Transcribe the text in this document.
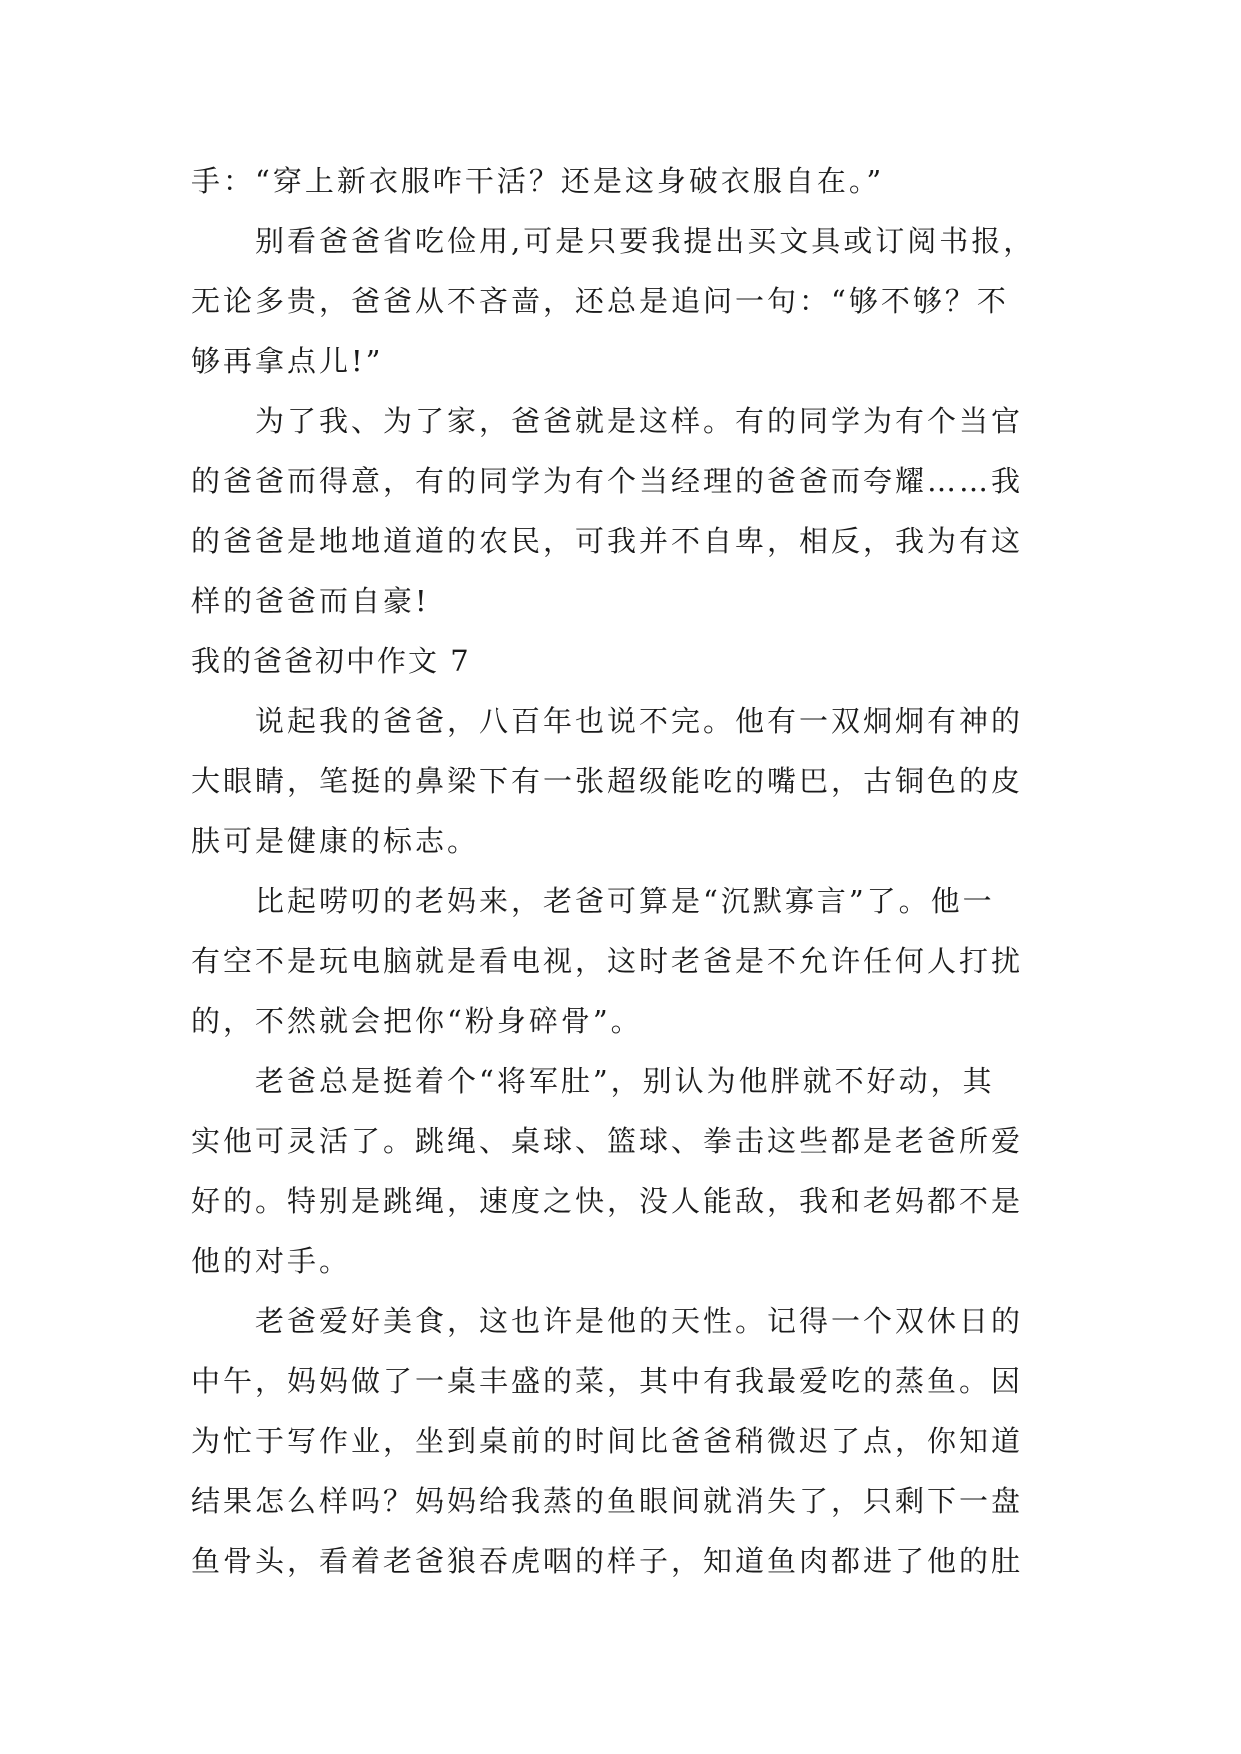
手：“穿上新衣服咋干活？还是这身破衣服自在。”
别看爸爸省吃俭用,可是只要我提出买文具或订阅书报，
无论多贵，爸爸从不吝啬，还总是追问一句：“够不够？不
够再拿点儿!”
为了我、为了家，爸爸就是这样。有的同学为有个当官
的爸爸而得意，有的同学为有个当经理的爸爸而夸耀……我
的爸爸是地地道道的农民，可我并不自卑，相反，我为有这
样的爸爸而自豪!
我的爸爸初中作文 7
说起我的爸爸，八百年也说不完。他有一双炯炯有神的
大眼睛，笔挺的鼻梁下有一张超级能吃的嘴巴，古铜色的皮
肤可是健康的标志。
比起唠叨的老妈来，老爸可算是“沉默寡言”了。他一
有空不是玩电脑就是看电视，这时老爸是不允许任何人打扰
的，不然就会把你“粉身碎骨”。
老爸总是挺着个“将军肚”，别认为他胖就不好动，其
实他可灵活了。跳绳、桌球、篮球、拳击这些都是老爸所爱
好的。特别是跳绳，速度之快，没人能敌，我和老妈都不是
他的对手。
老爸爱好美食，这也许是他的天性。记得一个双休日的
中午，妈妈做了一桌丰盛的菜，其中有我最爱吃的蒸鱼。因
为忙于写作业，坐到桌前的时间比爸爸稍微迟了点，你知道
结果怎么样吗？妈妈给我蒸的鱼眼间就消失了，只剩下一盘
鱼骨头，看着老爸狼吞虎咽的样子，知道鱼肉都进了他的肚
